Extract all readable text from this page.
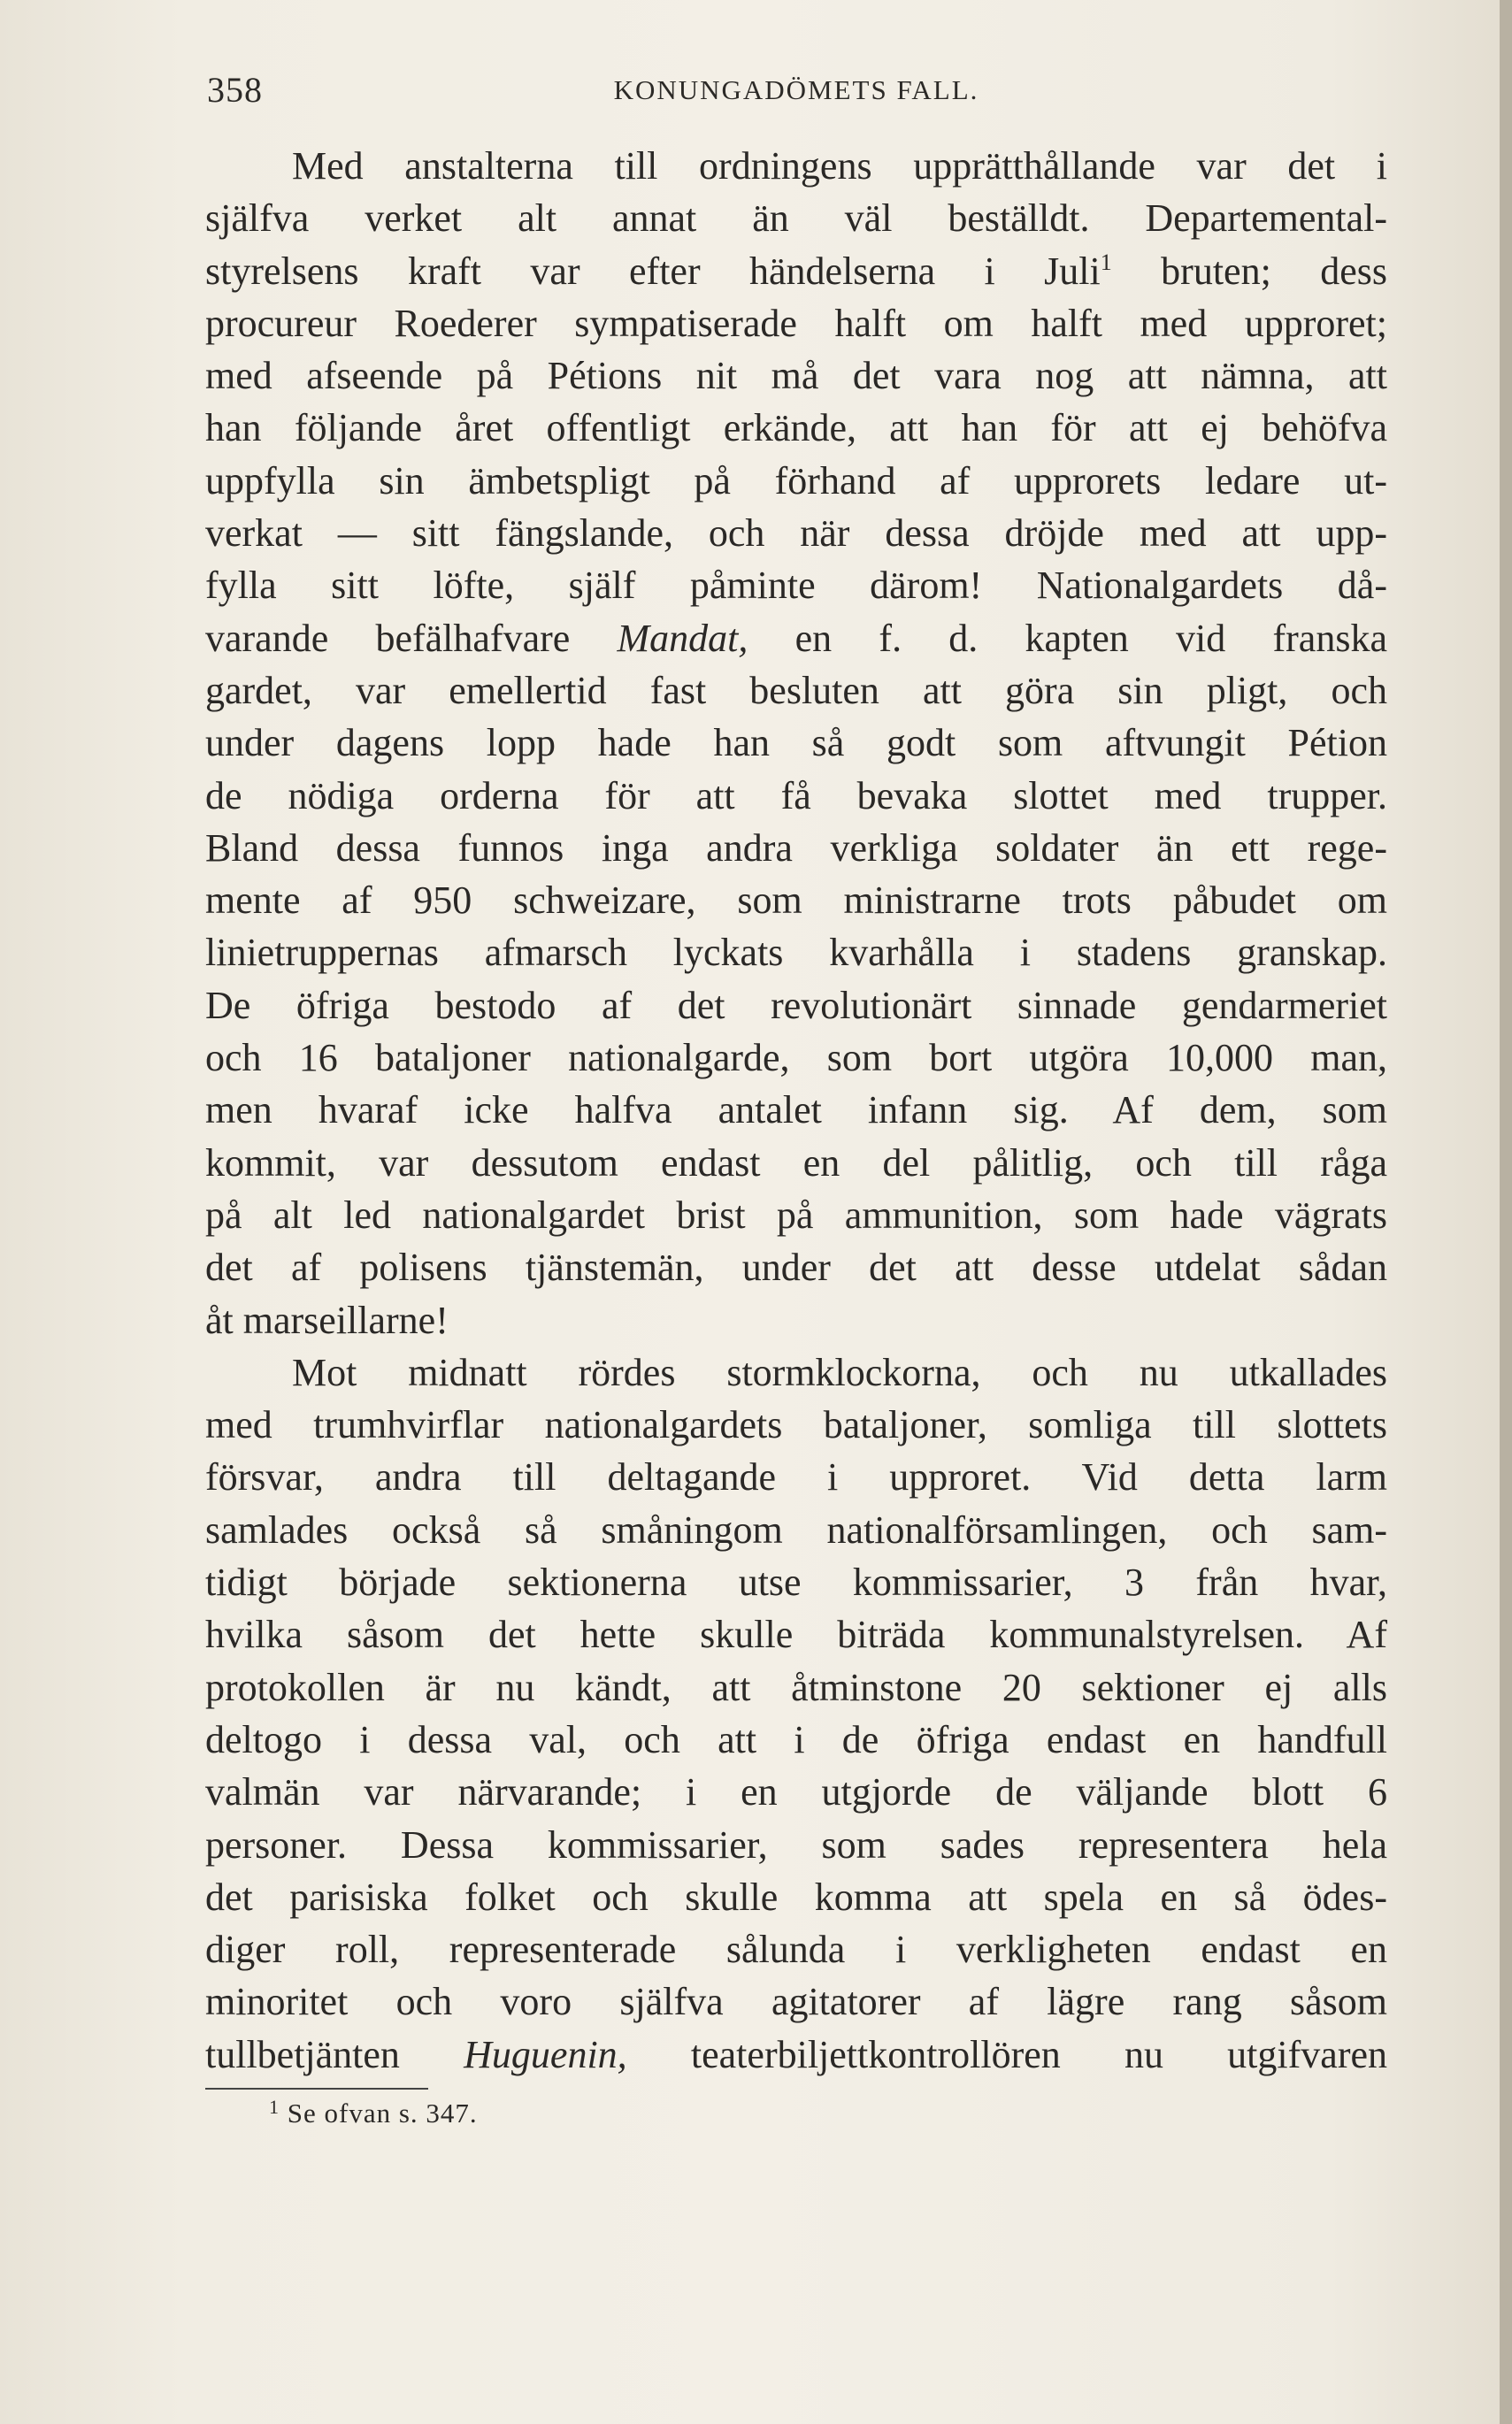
358	KONUNGADÖMETS FALL.
Med anstalterna till ordningens upprätthållande var det i
själfva verket alt annat än väl beställdt. Departemental-
styrelsens kraft var efter händelserna i Juli$^1$ bruten; dess
procureur Roederer sympatiserade halft om halft med upproret;
med afseende på Pétions nit må det vara nog att nämna, att
han följande året offentligt erkände, att han för att ej behöfva
uppfylla sin ämbetspligt på förhand af upprorets ledare ut-
verkat — sitt fängslande, och när dessa dröjde med att upp-
fylla sitt löfte, själf påminte därom! Nationalgardets då-
varande befälhafvare Mandat, en f. d. kapten vid franska
gardet, var emellertid fast besluten att göra sin pligt, och
under dagens lopp hade han så godt som aftvungit Pétion
de nödiga orderna för att få bevaka slottet med trupper.
Bland dessa funnos inga andra verkliga soldater än ett rege-
mente af 950 schweizare, som ministrarne trots påbudet om
linietruppernas afmarsch lyckats kvarhålla i stadens granskap.
De öfriga bestodo af det revolutionärt sinnade gendarmeriet
och 16 bataljoner nationalgarde, som bort utgöra 10,000 man,
men hvaraf icke halfva antalet infann sig. Af dem, som
kommit, var dessutom endast en del pålitlig, och till råga
på alt led nationalgardet brist på ammunition, som hade vägrats
det af polisens tjänstemän, under det att desse utdelat sådan
åt marseillarne!
Mot midnatt rördes stormklockorna, och nu utkallades
med trumhvirflar nationalgardets bataljoner, somliga till slottets
försvar, andra till deltagande i upproret. Vid detta larm
samlades också så småningom nationalförsamlingen, och sam-
tidigt började sektionerna utse kommissarier, 3 från hvar,
hvilka såsom det hette skulle biträda kommunalstyrelsen. Af
protokollen är nu kändt, att åtminstone 20 sektioner ej alls
deltogo i dessa val, och att i de öfriga endast en handfull
valmän var närvarande; i en utgjorde de väljande blott 6
personer. Dessa kommissarier, som sades representera hela
det parisiska folket och skulle komma att spela en så ödes-
diger roll, representerade sålunda i verkligheten endast en
minoritet och voro själfva agitatorer af lägre rang såsom
tullbetjänten Huguenin, teaterbiljettkontrollören nu utgifvaren
$^1$ Se ofvan s. 347.
